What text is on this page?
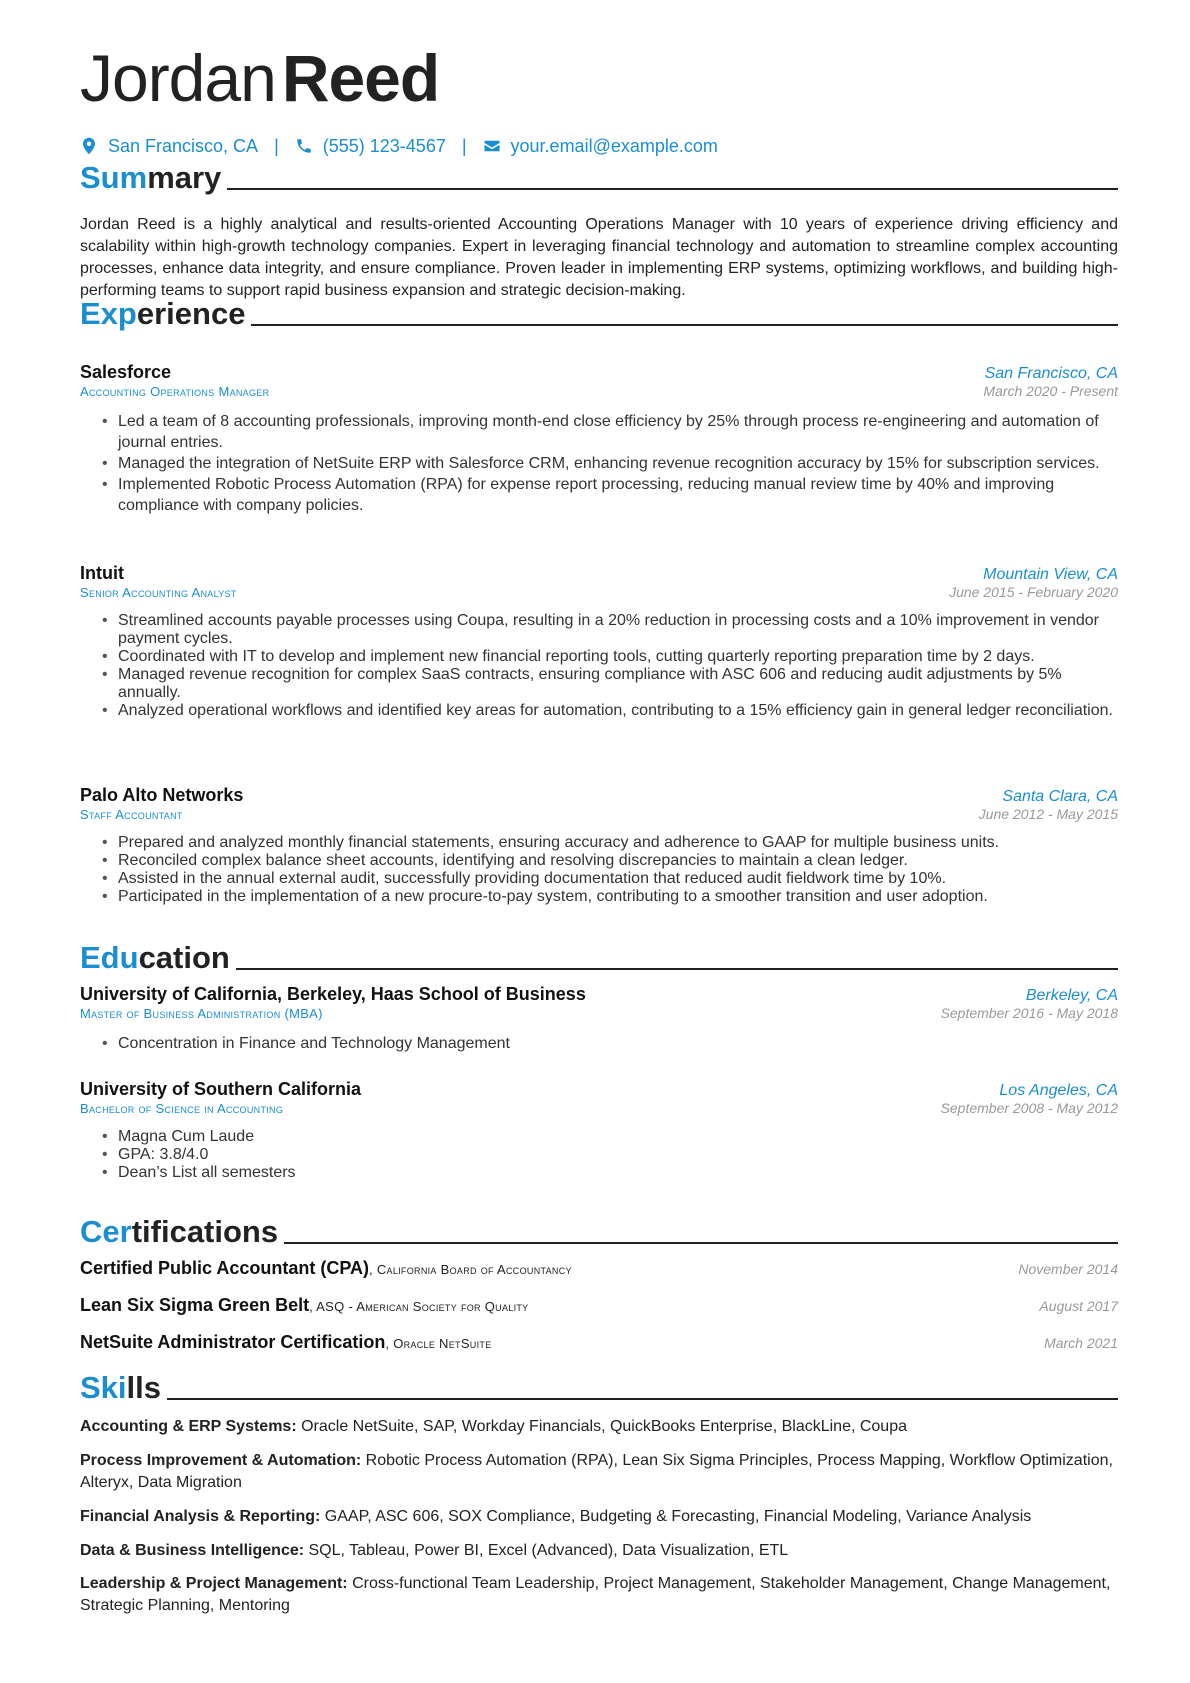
JordanReed
San Francisco, CA | (555) 123-4567 | your.email@example.com
Summary

Jordan Reed is a highly analytical and results-oriented Accounting Operations Manager with 10 years of experience driving efficiency and scalability within high-growth technology companies. Expert in leveraging financial technology and automation to streamline complex accounting processes, enhance data integrity, and ensure compliance. Proven leader in implementing ERP systems, optimizing workflows, and building high-performing teams to support rapid business expansion and strategic decision-making.

Experience
Salesforce	San Francisco, CA
Accounting Operations Manager	March 2020 - Present
• Led a team of 8 accounting professionals, improving month-end close efficiency by 25% through process re-engineering and automation of journal entries.
• Managed the integration of NetSuite ERP with Salesforce CRM, enhancing revenue recognition accuracy by 15% for subscription services.
• Implemented Robotic Process Automation (RPA) for expense report processing, reducing manual review time by 40% and improving compliance with company policies.
Intuit	Mountain View, CA
Senior Accounting Analyst	June 2015 - February 2020
• Streamlined accounts payable processes using Coupa, resulting in a 20% reduction in processing costs and a 10% improvement in vendor payment cycles.
• Coordinated with IT to develop and implement new financial reporting tools, cutting quarterly reporting preparation time by 2 days.
• Managed revenue recognition for complex SaaS contracts, ensuring compliance with ASC 606 and reducing audit adjustments by 5% annually.
• Analyzed operational workflows and identified key areas for automation, contributing to a 15% efficiency gain in general ledger reconciliation.
Palo Alto Networks	Santa Clara, CA
Staff Accountant	June 2012 - May 2015
• Prepared and analyzed monthly financial statements, ensuring accuracy and adherence to GAAP for multiple business units.
• Reconciled complex balance sheet accounts, identifying and resolving discrepancies to maintain a clean ledger.
• Assisted in the annual external audit, successfully providing documentation that reduced audit fieldwork time by 10%.
• Participated in the implementation of a new procure-to-pay system, contributing to a smoother transition and user adoption.
Education
University of California, Berkeley, Haas School of Business	Berkeley, CA
Master of Business Administration (MBA)	September 2016 - May 2018
• Concentration in Finance and Technology Management
University of Southern California	Los Angeles, CA
Bachelor of Science in Accounting	September 2008 - May 2012
• Magna Cum Laude
• GPA: 3.8/4.0
• Dean’s List all semesters
Certifications
Certified Public Accountant (CPA), California Board of Accountancy	November 2014
Lean Six Sigma Green Belt, ASQ - American Society for Quality	August 2017
NetSuite Administrator Certification, Oracle NetSuite	March 2021
Skills

Accounting & ERP Systems: Oracle NetSuite, SAP, Workday Financials, QuickBooks Enterprise, BlackLine, Coupa

Process Improvement & Automation: Robotic Process Automation (RPA), Lean Six Sigma Principles, Process Mapping, Workflow Optimization, Alteryx, Data Migration

Financial Analysis & Reporting: GAAP, ASC 606, SOX Compliance, Budgeting & Forecasting, Financial Modeling, Variance Analysis

Data & Business Intelligence: SQL, Tableau, Power BI, Excel (Advanced), Data Visualization, ETL

Leadership & Project Management: Cross-functional Team Leadership, Project Management, Stakeholder Management, Change Management, Strategic Planning, Mentoring
